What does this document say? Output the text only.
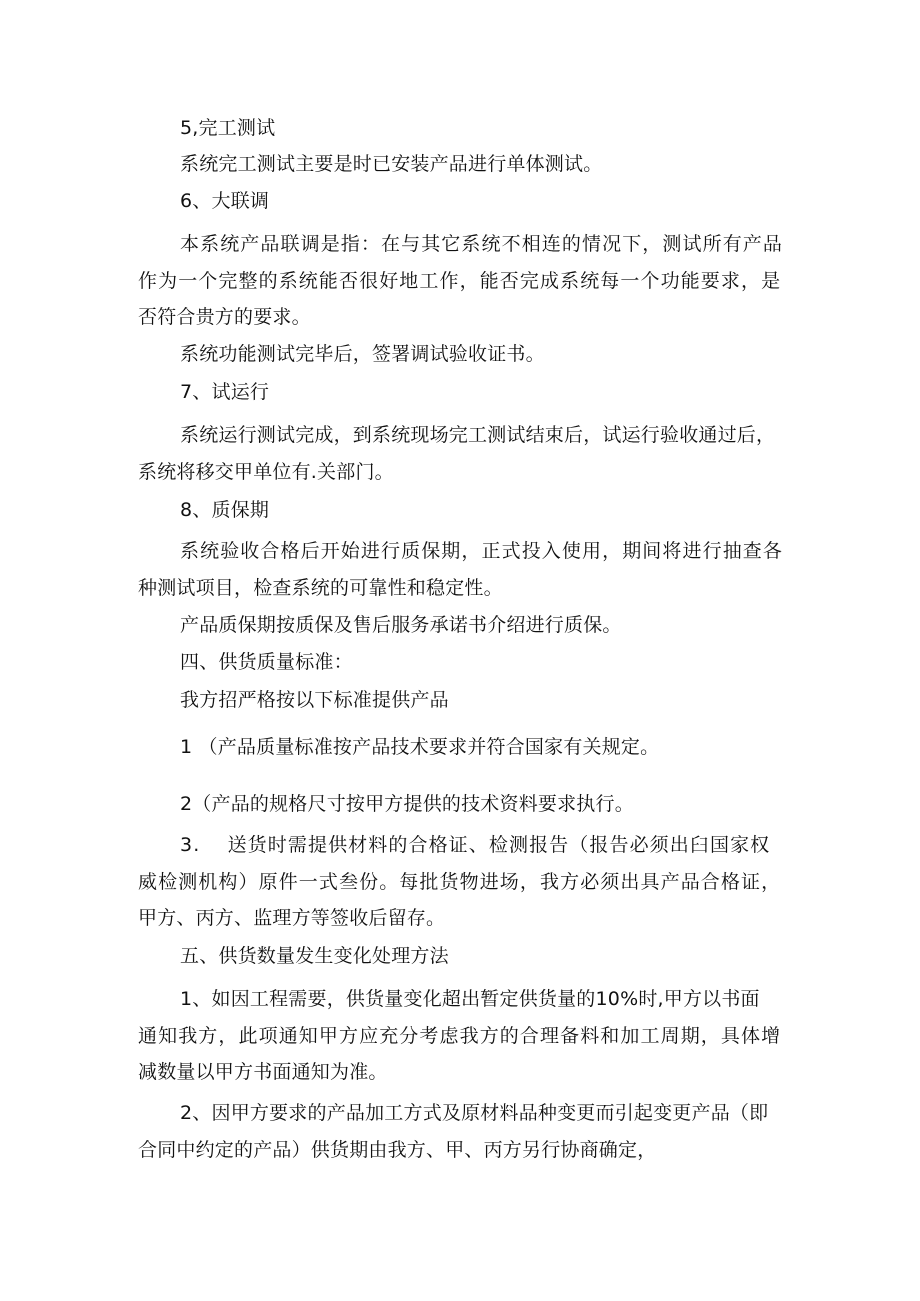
5,完工测试
系统完工测试主要是时已安装产品进行单体测试。
6、大联调
本系统产品联调是指：在与其它系统不相连的情况下，测试所有产品
作为一个完整的系统能否很好地工作，能否完成系统每一个功能要求，是
否符合贵方的要求。
系统功能测试完毕后，签署调试验收证书。
7、试运行
系统运行测试完成，到系统现场完工测试结束后，试运行验收通过后，
系统将移交甲单位有.关部门。
8、质保期
系统验收合格后开始进行质保期，正式投入使用，期间将进行抽查各
种测试项目，检查系统的可靠性和稳定性。
产品质保期按质保及售后服务承诺书介绍进行质保。
四、供货质量标准：
我方招严格按以下标准提供产品
1 （产品质量标准按产品技术要求并符合国家有关规定。
2（产品的规格尺寸按甲方提供的技术资料要求执行。
3.　 送货时需提供材料的合格证、检测报告（报告必须出臼国家权
威检测机构）原件一式叁份。每批货物进场，我方必须出具产品合格证，
甲方、丙方、监理方等签收后留存。
五、供货数量发生变化处理方法
1、如因工程需要，供货量变化超出暂定供货量的10%时,甲方以书面
通知我方，此项通知甲方应充分考虑我方的合理备料和加工周期，具体增
减数量以甲方书面通知为准。
2、因甲方要求的产品加工方式及原材料品种变更而引起变更产品（即
合同中约定的产品）供货期由我方、甲、丙方另行协商确定，
